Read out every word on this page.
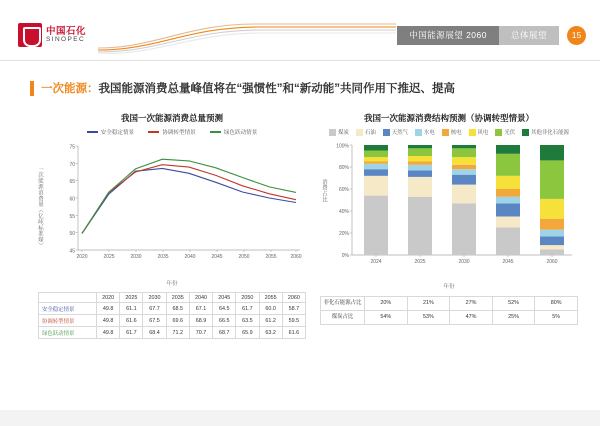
中国石化
SINOPEC	中国能源展望 2060	总体展望	15
一次能源： 我国能源消费总量峰值将在“强惯性”和“新动能”共同作用下推迟、提高
我国一次能源消费总量预测
安全稳定情景	协调转型情景	绿色跃动情景
一次能源消费量（亿吨标准煤）
45
50
55
60
65
70
75
2020	2025	2030	2035	2040	2045	2050	2055	2060
年份
	2020	2025	2030	2035	2040	2045	2050	2055	2060
安全稳定情景	49.8	61.1	67.7	68.5	67.1	64.5	61.7	60.0	58.7
协调转型情景	49.8	61.6	67.5	69.6	68.9	66.5	63.5	61.2	59.5
绿色跃动情景	49.8	61.7	68.4	71.2	70.7	68.7	65.9	63.2	61.6
我国一次能源消费结构预测（协调转型情景）
煤炭	石油	天然气	水电	核电	风电	光伏	其他非化石能源
消费占比
0%
20%
40%
60%
80%
100%
2024	2025	2030	2045	2060
年份
非化石能源占比	20%	21%	27%	52%	80%
煤炭占比	54%	53%	47%	25%	5%
